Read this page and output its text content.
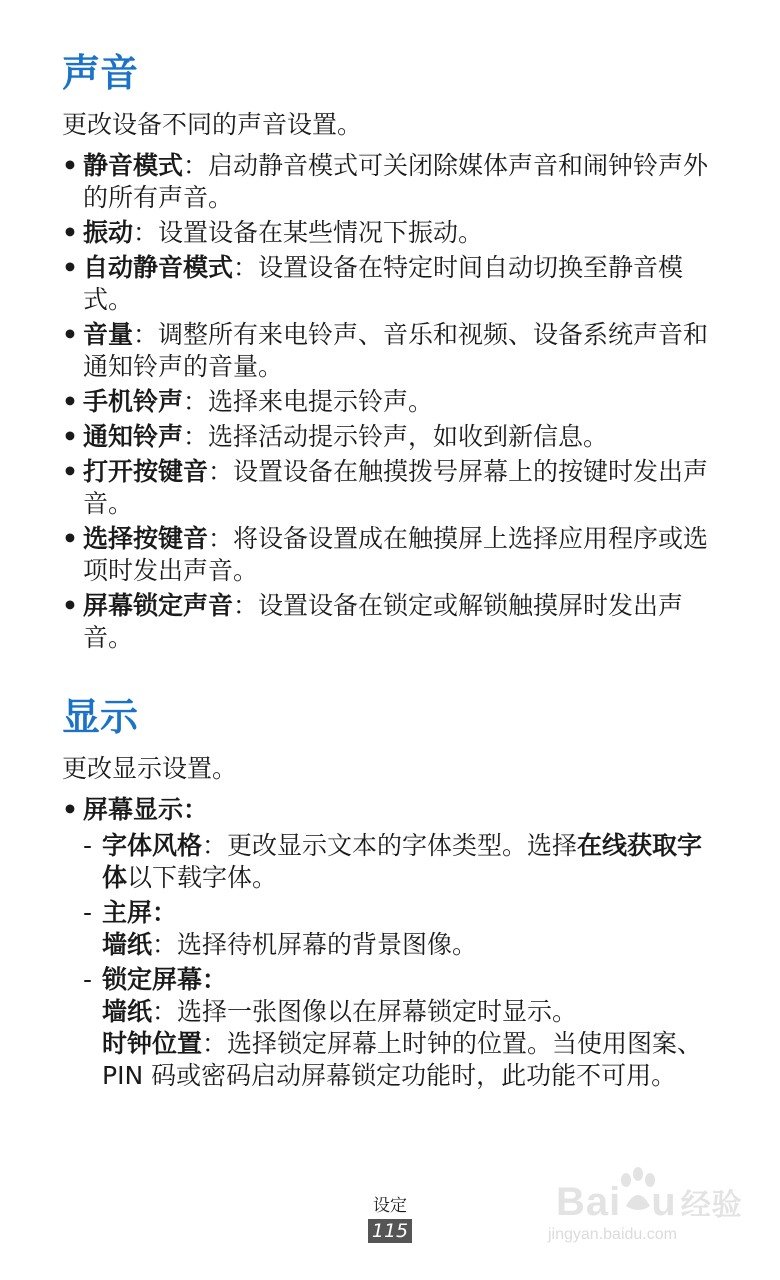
声音
更改设备不同的声音设置。
• 静音模式：启动静音模式可关闭除媒体声音和闹钟铃声外的所有声音。
• 振动：设置设备在某些情况下振动。
• 自动静音模式：设置设备在特定时间自动切换至静音模式。
• 音量：调整所有来电铃声、音乐和视频、设备系统声音和通知铃声的音量。
• 手机铃声：选择来电提示铃声。
• 通知铃声：选择活动提示铃声，如收到新信息。
• 打开按键音：设置设备在触摸拨号屏幕上的按键时发出声音。
• 选择按键音：将设备设置成在触摸屏上选择应用程序或选项时发出声音。
• 屏幕锁定声音：设置设备在锁定或解锁触摸屏时发出声音。
显示
更改显示设置。
• 屏幕显示：
- 字体风格：更改显示文本的字体类型。选择在线获取字体以下载字体。
- 主屏：
墙纸：选择待机屏幕的背景图像。
- 锁定屏幕：
墙纸：选择一张图像以在屏幕锁定时显示。
时钟位置：选择锁定屏幕上时钟的位置。当使用图案、PIN 码或密码启动屏幕锁定功能时，此功能不可用。
设定
115
Bai u 经验
jingyan.baidu.com
